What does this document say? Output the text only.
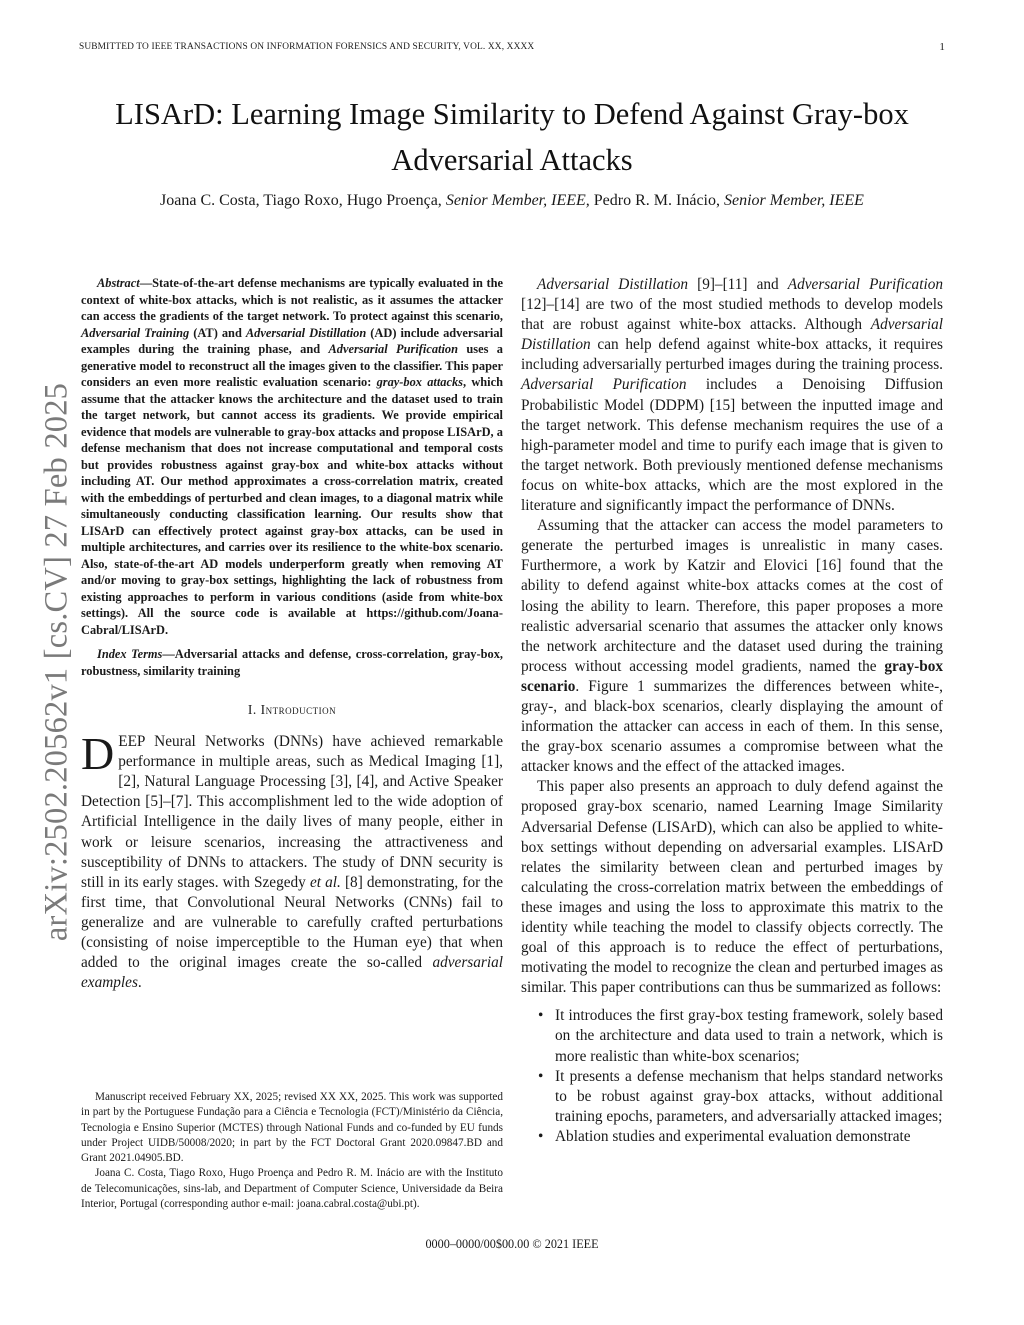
SUBMITTED TO IEEE TRANSACTIONS ON INFORMATION FORENSICS AND SECURITY, VOL. XX, XXXX	1
arXiv:2502.20562v1 [cs.CV] 27 Feb 2025
LISArD: Learning Image Similarity to Defend Against Gray-box
Adversarial Attacks
Joana C. Costa, Tiago Roxo, Hugo Proença, Senior Member, IEEE, Pedro R. M. Inácio, Senior Member, IEEE

Abstract—State-of-the-art defense mechanisms are typically evaluated in the context of white-box attacks, which is not realistic, as it assumes the attacker can access the gradients of the target network. To protect against this scenario, Adversarial Training (AT) and Adversarial Distillation (AD) include adversarial examples during the training phase, and Adversarial Purification uses a generative model to reconstruct all the images given to the classifier. This paper considers an even more realistic evaluation scenario: gray-box attacks, which assume that the attacker knows the architecture and the dataset used to train the target network, but cannot access its gradients. We provide empirical evidence that models are vulnerable to gray-box attacks and propose LISArD, a defense mechanism that does not increase computational and temporal costs but provides robustness against gray-box and white-box attacks without including AT. Our method approximates a cross-correlation matrix, created with the embeddings of perturbed and clean images, to a diagonal matrix while simultaneously conducting classification learning. Our results show that LISArD can effectively protect against gray-box attacks, can be used in multiple architectures, and carries over its resilience to the white-box scenario. Also, state-of-the-art AD models underperform greatly when removing AT and/or moving to gray-box settings, highlighting the lack of robustness from existing approaches to perform in various conditions (aside from white-box settings). All the source code is available at https://github.com/Joana-Cabral/LISArD.

Index Terms—Adversarial attacks and defense, cross-correlation, gray-box, robustness, similarity training

I. Introduction

DEEP Neural Networks (DNNs) have achieved remarkable performance in multiple areas, such as Medical Imaging [1], [2], Natural Language Processing [3], [4], and Active Speaker Detection [5]–[7]. This accomplishment led to the wide adoption of Artificial Intelligence in the daily lives of many people, either in work or leisure scenarios, increasing the attractiveness and susceptibility of DNNs to attackers. The study of DNN security is still in its early stages. with Szegedy et al. [8] demonstrating, for the first time, that Convolutional Neural Networks (CNNs) fail to generalize and are vulnerable to carefully crafted perturbations (consisting of noise imperceptible to the Human eye) that when added to the original images create the so-called adversarial examples.

Manuscript received February XX, 2025; revised XX XX, 2025. This work was supported in part by the Portuguese Fundação para a Ciência e Tecnologia (FCT)/Ministério da Ciência, Tecnologia e Ensino Superior (MCTES) through National Funds and co-funded by EU funds under Project UIDB/50008/2020; in part by the FCT Doctoral Grant 2020.09847.BD and Grant 2021.04905.BD.

Joana C. Costa, Tiago Roxo, Hugo Proença and Pedro R. M. Inácio are with the Instituto de Telecomunicações, sins-lab, and Department of Computer Science, Universidade da Beira Interior, Portugal (corresponding author e-mail: joana.cabral.costa@ubi.pt).

Adversarial Distillation [9]–[11] and Adversarial Purification [12]–[14] are two of the most studied methods to develop models that are robust against white-box attacks. Although Adversarial Distillation can help defend against white-box attacks, it requires including adversarially perturbed images during the training process. Adversarial Purification includes a Denoising Diffusion Probabilistic Model (DDPM) [15] between the inputted image and the target network. This defense mechanism requires the use of a high-parameter model and time to purify each image that is given to the target network. Both previously mentioned defense mechanisms focus on white-box attacks, which are the most explored in the literature and significantly impact the performance of DNNs.

Assuming that the attacker can access the model parameters to generate the perturbed images is unrealistic in many cases. Furthermore, a work by Katzir and Elovici [16] found that the ability to defend against white-box attacks comes at the cost of losing the ability to learn. Therefore, this paper proposes a more realistic adversarial scenario that assumes the attacker only knows the network architecture and the dataset used during the training process without accessing model gradients, named the gray-box scenario. Figure 1 summarizes the differences between white-, gray-, and black-box scenarios, clearly displaying the amount of information the attacker can access in each of them. In this sense, the gray-box scenario assumes a compromise between what the attacker knows and the effect of the attacked images.

This paper also presents an approach to duly defend against the proposed gray-box scenario, named Learning Image Similarity Adversarial Defense (LISArD), which can also be applied to white-box settings without depending on adversarial examples. LISArD relates the similarity between clean and perturbed images by calculating the cross-correlation matrix between the embeddings of these images and using the loss to approximate this matrix to the identity while teaching the model to classify objects correctly. The goal of this approach is to reduce the effect of perturbations, motivating the model to recognize the clean and perturbed images as similar. This paper contributions can thus be summarized as follows:

• It introduces the first gray-box testing framework, solely based on the architecture and data used to train a network, which is more realistic than white-box scenarios;
• It presents a defense mechanism that helps standard networks to be robust against gray-box attacks, without additional training epochs, parameters, and adversarially attacked images;
• Ablation studies and experimental evaluation demonstrate
0000–0000/00$00.00 © 2021 IEEE
